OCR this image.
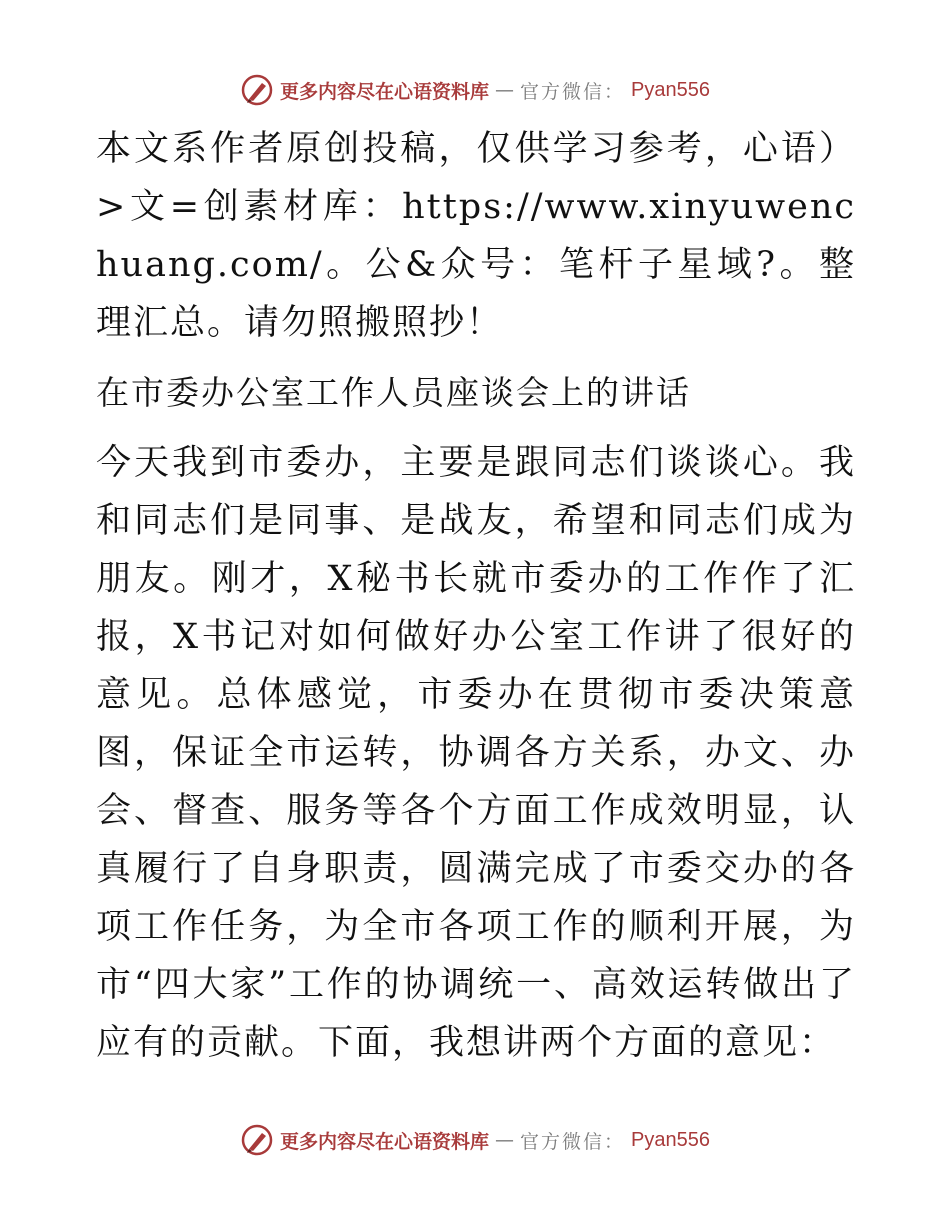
更多内容尽在心语资料库 — 官方微信： Pyan556

本文系作者原创投稿，仅供学习参考，心语）>文=创素材库：https://www.xinyuwenchuang.com/。公&众号：笔杆子星域?。整理汇总。请勿照搬照抄！

在市委办公室工作人员座谈会上的讲话

今天我到市委办，主要是跟同志们谈谈心。我和同志们是同事、是战友，希望和同志们成为朋友。刚才，X秘书长就市委办的工作作了汇报，X书记对如何做好办公室工作讲了很好的意见。总体感觉，市委办在贯彻市委决策意图，保证全市运转，协调各方关系，办文、办会、督查、服务等各个方面工作成效明显，认真履行了自身职责，圆满完成了市委交办的各项工作任务，为全市各项工作的顺利开展，为市“四大家”工作的协调统一、高效运转做出了应有的贡献。下面，我想讲两个方面的意见：

更多内容尽在心语资料库 — 官方微信： Pyan556
